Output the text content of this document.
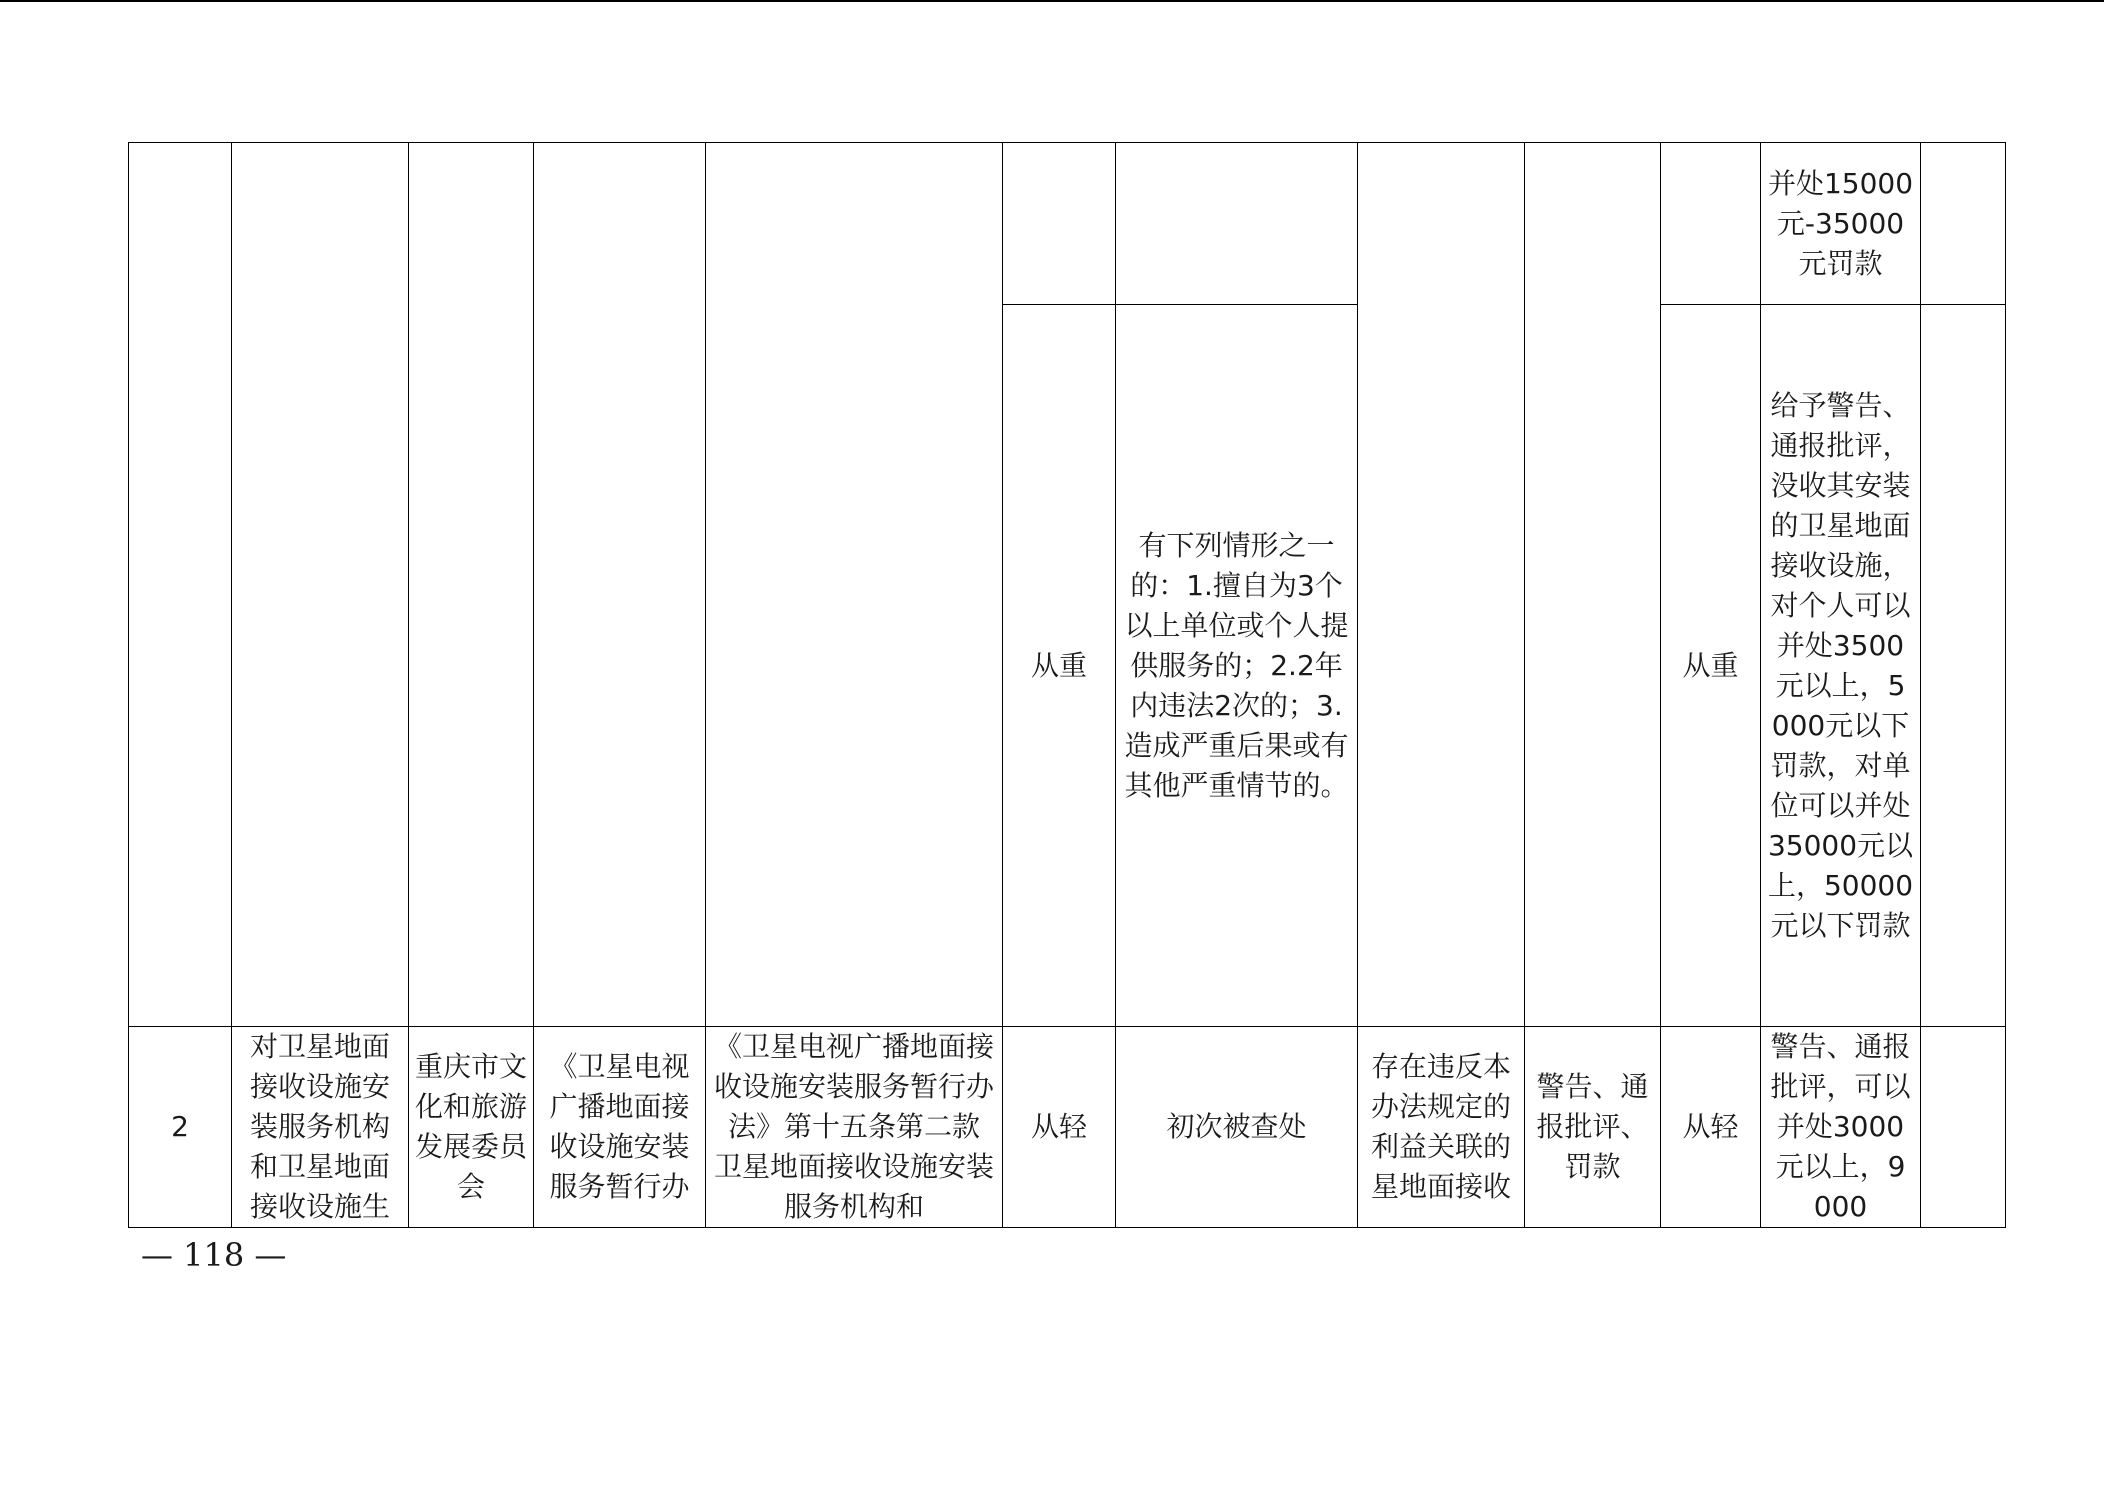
										并处15000元-35000元罚款	
					从重	有下列情形之一的：1.擅自为3个以上单位或个人提供服务的；2.2年内违法2次的；3.造成严重后果或有其他严重情节的。			从重	给予警告、通报批评，没收其安装的卫星地面接收设施，对个人可以并处3500元以上，5000元以下罚款，对单位可以并处35000元以上，50000元以下罚款	
2	对卫星地面接收设施安装服务机构和卫星地面接收设施生	重庆市文化和旅游发展委员会	《卫星电视广播地面接收设施安装服务暂行办	《卫星电视广播地面接收设施安装服务暂行办法》第十五条第二款　卫星地面接收设施安装服务机构和	从轻	初次被查处	存在违反本办法规定的利益关联的星地面接收	警告、通报批评、罚款	从轻	警告、通报批评，可以并处3000元以上，9000	
— 118 —
